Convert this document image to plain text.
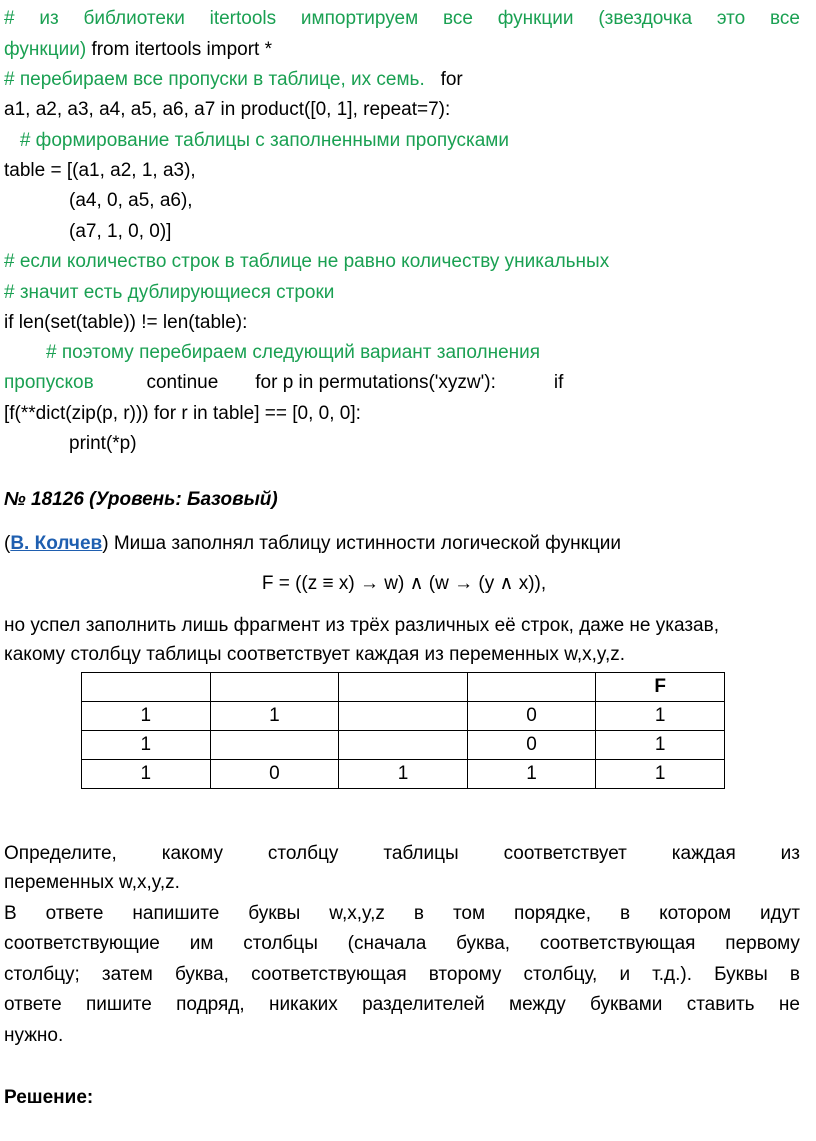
# из библиотеки itertools импортируем все функции (звездочка это все
функции) from itertools import *
# перебираем все пропуски в таблице, их семь.   for
a1, a2, a3, a4, a5, a6, a7 in product([0, 1], repeat=7):
# формирование таблицы с заполненными пропусками
table = [(a1, a2, 1, a3),
(a4, 0, a5, a6),
(a7, 1, 0, 0)]
# если количество строк в таблице не равно количеству уникальных
# значит есть дублирующиеся строки
if len(set(table)) != len(table):
# поэтому перебираем следующий вариант заполнения
пропусков          continue       for p in permutations('xyzw'):           if
[f(**dict(zip(p, r))) for r in table] == [0, 0, 0]:
print(*p)
№ 18126 (Уровень: Базовый)
(В. Колчев) Миша заполнял таблицу истинности логической функции
F = ((z ≡ x) → w) ∧ (w → (y ∧ x)),
но успел заполнить лишь фрагмент из трёх различных её строк, даже не указав,
какому столбцу таблицы соответствует каждая из переменных w,x,y,z.
				F
1	1		0	1
1			0	1
1	0	1	1	1
Определите, какому столбцу таблицы соответствует каждая из
переменных w,x,y,z.
В ответе напишите буквы w,x,y,z в том порядке, в котором идут
соответствующие им столбцы (сначала буква, соответствующая первому
столбцу; затем буква, соответствующая второму столбцу, и т.д.). Буквы в
ответе пишите подряд, никаких разделителей между буквами ставить не
нужно.
Решение:
